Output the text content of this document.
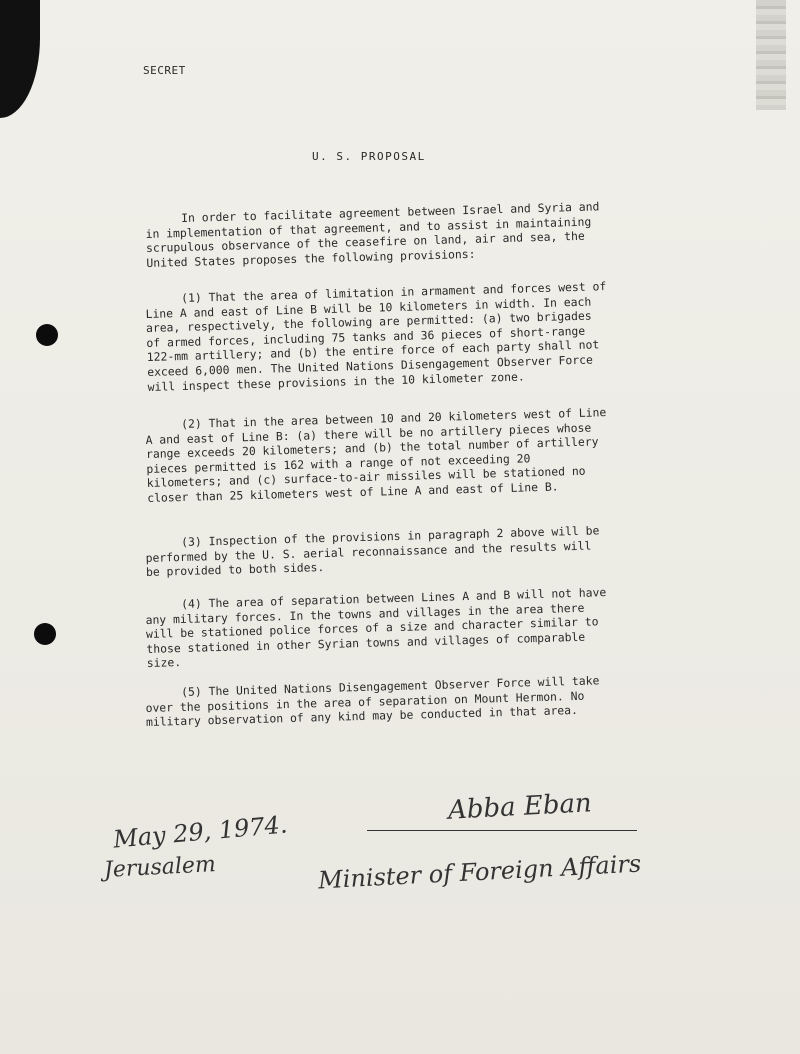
SECRET
U. S. PROPOSAL

In order to facilitate agreement between Israel and Syria and in implementation of that agreement, and to assist in maintaining scrupulous observance of the ceasefire on land, air and sea, the United States proposes the following provisions:

(1) That the area of limitation in armament and forces west of Line A and east of Line B will be 10 kilometers in width. In each area, respectively, the following are permitted: (a) two brigades of armed forces, including 75 tanks and 36 pieces of short-range 122-mm artillery; and (b) the entire force of each party shall not exceed 6,000 men. The United Nations Disengagement Observer Force will inspect these provisions in the 10 kilometer zone.

(2) That in the area between 10 and 20 kilometers west of Line A and east of Line B: (a) there will be no artillery pieces whose range exceeds 20 kilometers; and (b) the total number of artillery pieces permitted is 162 with a range of not exceeding 20 kilometers; and (c) surface-to-air missiles will be stationed no closer than 25 kilometers west of Line A and east of Line B.

(3) Inspection of the provisions in paragraph 2 above will be performed by the U. S. aerial reconnaissance and the results will be provided to both sides.

(4) The area of separation between Lines A and B will not have any military forces. In the towns and villages in the area there will be stationed police forces of a size and character similar to those stationed in other Syrian towns and villages of comparable size.

(5) The United Nations Disengagement Observer Force will take over the positions in the area of separation on Mount Hermon. No military observation of any kind may be conducted in that area.

Abba Eban
May 29, 1974.
Jerusalem	Minister of Foreign Affairs
